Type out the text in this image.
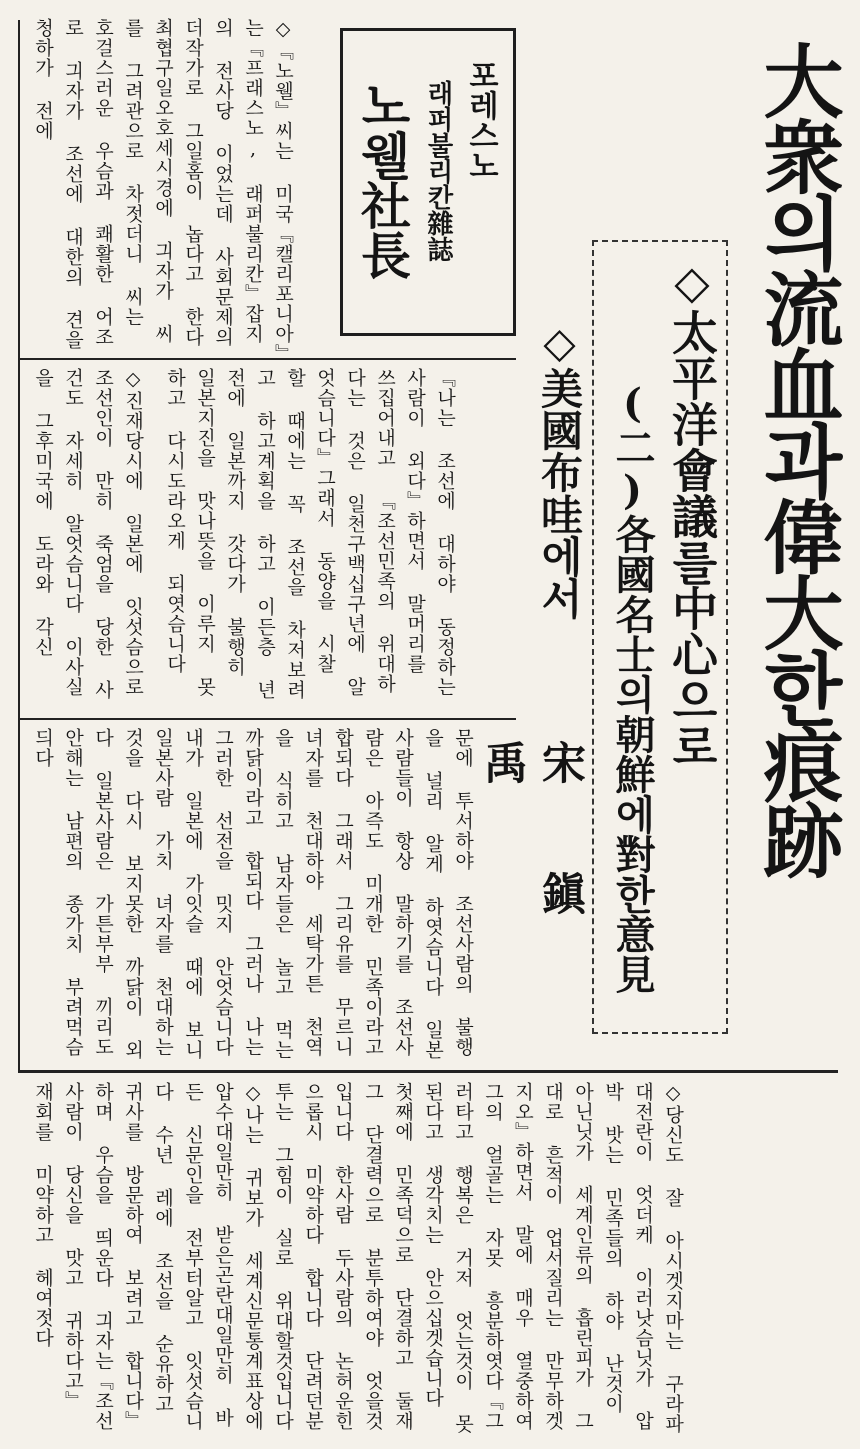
大衆의流血과偉大한痕跡
◇太平洋會議를中心으로
(二)各國名士의朝鮮에對한意見
◇美國布哇에서
宋 鎭 禹
포레스노
래퍼불리칸雜誌
노웰社長

◇『노웰』씨는 미국『캘리포니아』는『프래스노, 래퍼불리칸』잡지의 전사당 이었는데 사회문제의 더작가로 그일홈이 놉다고 한다 최협구일오호세시경에 긔자가 씨를 그려관으로 차젓더니 씨는 호걸스러운 우슴과 쾌활한 어조로 긔자가 조선에 대한의 견을 청하가 전에

◇진재당시에 일본에 잇섯슴으로 조선인이 만히 죽엄을 당한 사건도 자세히 알엇슴니다 이사실을 그후미국에 도라와 각신	『나는 조선에 대하야 동정하는 사람이 외다』하면서 말머리를 쓰집어내고 『조선민족의 위대하다는 것은 일천구백십구년에 알엇슴니다』그래서 동양을 시찰 할 때에는 꼭 조선을 차저보려고 하고계획을 하고 이든층 년전에 일본까지 갓다가 불행히 일본지진을 맛나뜻을 이루지 못하고 다시도라오게 되엿슴니다

문에 투서하야 조선사람의 불행을 널리 알게 하엿슴니다 일본 사람들이 항상 말하기를 조선사람은 아즉도 미개한 민족이라고 합되다 그래서 그리유를 무르니 녀자를 천대하야 세탁가튼 천역을 식히고 남자들은 놀고 먹는 까닭이라고 합되다 그러나 나는 그러한 선전을 밋지 안엇슴니다 내가 일본에 가잇슬 때에 보니 일본사람 가치 녀자를 천대하는 것을 다시 보지못한 까닭이 외다 일본사람은 가튼부부 끼리도 안해는 남편의 종가치 부려먹슴듸다

◇당신도 잘 아시겟지마는 구라파대전란이 엇더케 이러낫슴닛가 압박 밧는 민족들의 하야 난것이 아닌닛가 세계인류의 흡린피가 그대로 흔적이 업서질리는 만무하겟지오』하면서 말에 매우 열중하여 그의 얼골는 자못 흥분하엿다『그러타고 행복은 거저 엇는것이 못된다고 생각치는 안으십겟습니다 첫째에 민족덕으로 단결하고 둘재 그 단결력으로 분투하여야 엇을것입니다 한사람 두사람의 논허운힌으롭시 미약하다 합니다 단려던분투는 그힘이 실로 위대할것입니다 ◇나는 귀보가 세계신문통계표상에 압수대일만히 받은곤란대일만히 바든 신문인을 전부터알고 잇섯슴니다 수년 레에 조선을 순유하고 귀사를 방문하여 보려고 합니다』하며 우슴을 띄운다 긔자는『조선사람이 당신을 맛고 귀하다고』 재회를 미약하고 헤여젓다
